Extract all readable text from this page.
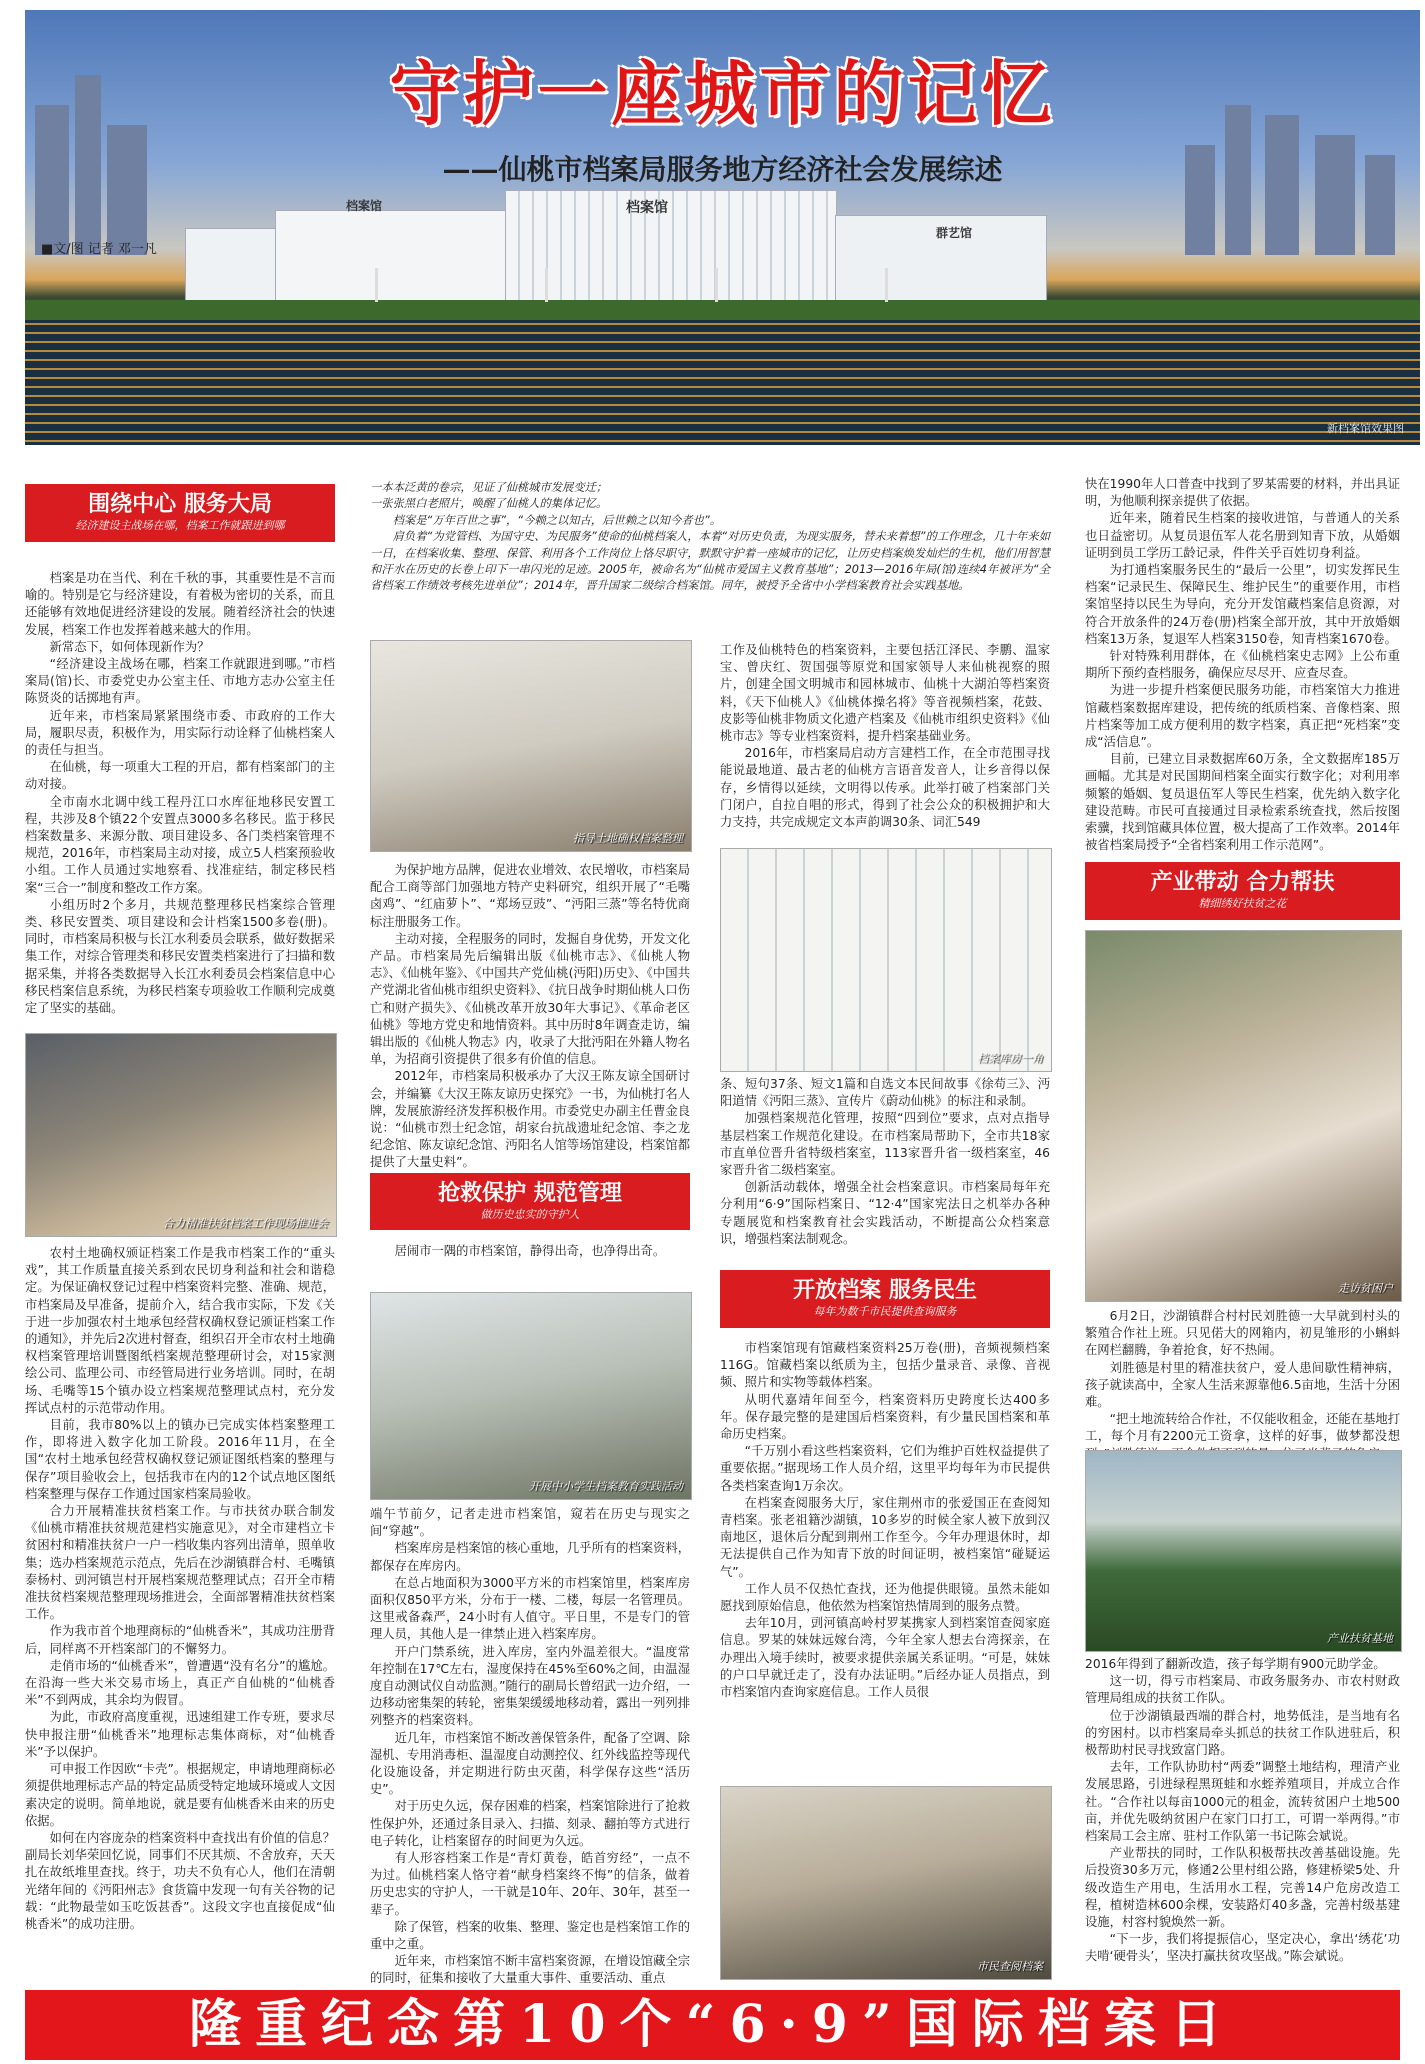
档案馆	档案馆
群艺馆
守护一座城市的记忆
——仙桃市档案局服务地方经济社会发展综述
■文/图 记者 邓一凡
新档案馆效果图
围绕中心 服务大局
经济建设主战场在哪，档案工作就跟进到哪
抢救保护 规范管理
做历史忠实的守护人
开放档案 服务民生
每年为数千市民提供查询服务
产业带动 合力帮扶
精细绣好扶贫之花

一本本泛黄的卷宗，见证了仙桃城市发展变迁；

一张张黑白老照片，唤醒了仙桃人的集体记忆。

档案是“万年百世之事”，“今赖之以知古，后世赖之以知今者也”。

肩负着“为党管档、为国守史、为民服务”使命的仙桃档案人，本着“对历史负责，为现实服务，替未来着想”的工作理念，几十年来如一日，在档案收集、整理、保管、利用各个工作岗位上恪尽职守，默默守护着一座城市的记忆，让历史档案焕发灿烂的生机，他们用智慧和汗水在历史的长卷上印下一串闪光的足迹。2005年，被命名为“仙桃市爱国主义教育基地”；2013—2016年局(馆)连续4年被评为“全省档案工作绩效考核先进单位”；2014年，晋升国家二级综合档案馆。同年，被授予全省中小学档案教育社会实践基地。

档案是功在当代、利在千秋的事，其重要性是不言而喻的。特别是它与经济建设，有着极为密切的关系，而且还能够有效地促进经济建设的发展。随着经济社会的快速发展，档案工作也发挥着越来越大的作用。

新常态下，如何体现新作为？

“经济建设主战场在哪，档案工作就跟进到哪。”市档案局(馆)长、市委党史办公室主任、市地方志办公室主任陈贤炎的话掷地有声。

近年来，市档案局紧紧围绕市委、市政府的工作大局，履职尽责，积极作为，用实际行动诠释了仙桃档案人的责任与担当。

在仙桃，每一项重大工程的开启，都有档案部门的主动对接。

全市南水北调中线工程丹江口水库征地移民安置工程，共涉及8个镇22个安置点3000多名移民。监于移民档案数量多、来源分散、项目建设多、各门类档案管理不规范，2016年，市档案局主动对接，成立5人档案预验收小组。工作人员通过实地察看、找准症结，制定移民档案“三合一”制度和整改工作方案。

小组历时2个多月，共规范整理移民档案综合管理类、移民安置类、项目建设和会计档案1500多卷(册)。同时，市档案局积极与长江水利委员会联系，做好数据采集工作，对综合管理类和移民安置类档案进行了扫描和数据采集，并将各类数据导入长江水利委员会档案信息中心移民档案信息系统，为移民档案专项验收工作顺利完成奠定了坚实的基础。

合力精准扶贫档案工作现场推进会

农村土地确权颁证档案工作是我市档案工作的“重头戏”，其工作质量直接关系到农民切身利益和社会和谐稳定。为保证确权登记过程中档案资料完整、准确、规范，市档案局及早准备，提前介入，结合我市实际，下发《关于进一步加强农村土地承包经营权确权登记颁证档案工作的通知》，并先后2次进村督查，组织召开全市农村土地确权档案管理培训暨图纸档案规范整理研讨会，对15家测绘公司、监理公司、市经管局进行业务培训。同时，在胡场、毛嘴等15个镇办设立档案规范整理试点村，充分发挥试点村的示范带动作用。

目前，我市80%以上的镇办已完成实体档案整理工作，即将进入数字化加工阶段。2016年11月，在全国“农村土地承包经营权确权登记颁证图纸档案的整理与保存”项目验收会上，包括我市在内的12个试点地区图纸档案整理与保存工作通过国家档案局验收。

合力开展精准扶贫档案工作。与市扶贫办联合制发《仙桃市精准扶贫规范建档实施意见》，对全市建档立卡贫困村和精准扶贫户一户一档收集内容列出清单，照单收集；选办档案规范示范点，先后在沙湖镇群合村、毛嘴镇泰杨村、剅河镇岂村开展档案规范整理试点；召开全市精准扶贫档案规范整理现场推进会，全面部署精准扶贫档案工作。

作为我市首个地理商标的“仙桃香米”，其成功注册背后，同样离不开档案部门的不懈努力。

走俏市场的“仙桃香米”，曾遭遇“没有名分”的尴尬。在沿海一些大米交易市场上，真正产自仙桃的“仙桃香米”不到两成，其余均为假冒。

为此，市政府高度重视，迅速组建工作专班，要求尽快申报注册“仙桃香米”地理标志集体商标，对“仙桃香米”予以保护。

可申报工作因欧“卡壳”。根据规定，申请地理商标必须提供地理标志产品的特定品质受特定地域环境或人文因素决定的说明。简单地说，就是要有仙桃香米由来的历史依据。

如何在内容庞杂的档案资料中查找出有价值的信息？副局长刘华荣回忆说，同事们不厌其烦、不舍放弃，天天扎在故纸堆里查找。终于，功夫不负有心人，他们在清朝光绪年间的《沔阳州志》食货篇中发现一句有关谷物的记载：“此物最莹如玉吃饭甚香”。这段文字也直接促成“仙桃香米”的成功注册。

指导土地确权档案整理

为保护地方品牌，促进农业增效、农民增收，市档案局配合工商等部门加强地方特产史料研究，组织开展了“毛嘴卤鸡”、“红庙萝卜”、“郑场豆豉”、“沔阳三蒸”等名特优商标注册服务工作。

主动对接，全程服务的同时，发掘自身优势，开发文化产品。市档案局先后编辑出版《仙桃市志》、《仙桃人物志》、《仙桃年鉴》、《中国共产党仙桃(沔阳)历史》、《中国共产党湖北省仙桃市组织史资料》、《抗日战争时期仙桃人口伤亡和财产损失》、《仙桃改革开放30年大事记》、《革命老区仙桃》等地方党史和地情资料。其中历时8年调查走访，编辑出版的《仙桃人物志》内，收录了大批沔阳在外籍人物名单，为招商引资提供了很多有价值的信息。

2012年，市档案局积极承办了大汉王陈友谅全国研讨会，并编纂《大汉王陈友谅历史探究》一书，为仙桃打名人牌，发展旅游经济发挥积极作用。市委党史办副主任曹金良说：“仙桃市烈士纪念馆，胡家台抗战遗址纪念馆、李之龙纪念馆、陈友谅纪念馆、沔阳名人馆等场馆建设，档案馆都提供了大量史料”。

居闹市一隅的市档案馆，静得出奇，也净得出奇。

开展中小学生档案教育实践活动

端午节前夕，记者走进市档案馆，窥若在历史与现实之间“穿越”。

档案库房是档案馆的核心重地，几乎所有的档案资料，都保存在库房内。

在总占地面积为3000平方米的市档案馆里，档案库房面积仅850平方米，分布于一楼、二楼，每层一名管理员。这里戒备森严，24小时有人值守。平日里，不是专门的管理人员，其他人是一律禁止进入档案库房。

开户门禁系统，进入库房，室内外温差很大。“温度常年控制在17℃左右，湿度保持在45%至60%之间，由温湿度自动测试仪自动监测。”随行的副局长曾绍武一边介绍，一边移动密集架的转轮，密集架缓缓地移动着，露出一列列排列整齐的档案资料。

近几年，市档案馆不断改善保管条件，配备了空调、除湿机、专用消毒柜、温湿度自动测控仪、红外线监控等现代化设施设备，并定期进行防虫灭菌，科学保存这些“活历史”。

对于历史久远，保存困难的档案，档案馆除进行了抢救性保护外，还通过条目录入、扫描、刻录、翻拍等方式进行电子转化，让档案留存的时间更为久远。

有人形容档案工作是“青灯黄卷，皓首穷经”，一点不为过。仙桃档案人恪守着“献身档案终不悔”的信条，做着历史忠实的守护人，一干就是10年、20年、30年，甚至一辈子。

除了保管，档案的收集、整理、鉴定也是档案馆工作的重中之重。

近年来，市档案馆不断丰富档案资源，在增设馆藏全宗的同时，征集和接收了大量重大事件、重要活动、重点

工作及仙桃特色的档案资料，主要包括江泽民、李鹏、温家宝、曾庆红、贺国强等原党和国家领导人来仙桃视察的照片，创建全国文明城市和园林城市、仙桃十大湖泊等档案资料，《天下仙桃人》《仙桃体操名将》等音视频档案，花鼓、皮影等仙桃非物质文化遗产档案及《仙桃市组织史资料》《仙桃市志》等专业档案资料，提升档案基础业务。

2016年，市档案局启动方言建档工作，在全市范围寻找能说最地道、最古老的仙桃方言语音发音人，让乡音得以保存，乡情得以延续，文明得以传承。此举打破了档案部门关门闭户，自拉自唱的形式，得到了社会公众的积极拥护和大力支持，共完成规定文本声韵调30条、词汇549

档案库房一角

条、短句37条、短文1篇和自选文本民间故事《徐苟三》、沔阳道情《沔阳三蒸》、宣传片《蔚动仙桃》的标注和录制。

加强档案规范化管理，按照“四到位”要求，点对点指导基层档案工作规范化建设。在市档案局帮助下，全市共18家市直单位晋升省特级档案室，113家晋升省一级档案室，46家晋升省二级档案室。

创新活动载体，增强全社会档案意识。市档案局每年充分利用“6·9”国际档案日、“12·4”国家宪法日之机举办各种专题展览和档案教育社会实践活动，不断提高公众档案意识，增强档案法制观念。

市档案馆现有馆藏档案资料25万卷(册)，音频视频档案116G。馆藏档案以纸质为主，包括少量录音、录像、音视频、照片和实物等载体档案。

从明代嘉靖年间至今，档案资料历史跨度长达400多年。保存最完整的是建国后档案资料，有少量民国档案和革命历史档案。

“千万别小看这些档案资料，它们为维护百姓权益提供了重要依据。”据现场工作人员介绍，这里平均每年为市民提供各类档案查询1万余次。

在档案查阅服务大厅，家住荆州市的张爱国正在查阅知青档案。张老祖籍沙湖镇，10多岁的时候全家人被下放到汉南地区，退休后分配到荆州工作至今。今年办理退休时，却无法提供自己作为知青下放的时间证明，被档案馆“碰疑运气”。

工作人员不仅热忙查找，还为他提供眼镜。虽然未能如愿找到原始信息，他依然为档案馆热情周到的服务点赞。

去年10月，剅河镇高岭村罗某携家人到档案馆查阅家庭信息。罗某的妹妹远嫁台湾，今年全家人想去台湾探亲，在办理出入境手续时，被要求提供亲属关系证明。“可是，妹妹的户口早就迁走了，没有办法证明。”后经办证人员指点，到市档案馆内查询家庭信息。工作人员很

市民查阅档案

快在1990年人口普查中找到了罗某需要的材料，并出具证明，为他顺利探亲提供了依据。

近年来，随着民生档案的接收进馆，与普通人的关系也日益密切。从复员退伍军人花名册到知青下放，从婚姻证明到员工学历工龄记录，件件关乎百姓切身利益。

为打通档案服务民生的“最后一公里”，切实发挥民生档案“记录民生、保障民生、维护民生”的重要作用，市档案馆坚持以民生为导向，充分开发馆藏档案信息资源，对符合开放条件的24万卷(册)档案全部开放，其中开放婚姻档案13万条，复退军人档案3150卷，知青档案1670卷。

针对特殊利用群体，在《仙桃档案史志网》上公布重期所下预约查档服务，确保应尽尽开、应查尽查。

为进一步提升档案便民服务功能，市档案馆大力推进馆藏档案数据库建设，把传统的纸质档案、音像档案、照片档案等加工成方便利用的数字档案，真正把“死档案”变成“活信息”。

目前，已建立目录数据库60万条，全文数据库185万画幅。尤其是对民国期间档案全面实行数字化；对利用率频繁的婚姻、复员退伍军人等民生档案，优先纳入数字化建设范畴。市民可直接通过目录检索系统查找，然后按图索骥，找到馆藏具体位置，极大提高了工作效率。2014年被省档案局授予“全省档案利用工作示范网”。

走访贫困户

6月2日，沙湖镇群合村村民刘胜德一大早就到村头的繁殖合作社上班。只见偌大的网箱内，初見雏形的小蝌蚪在网栏翻腾，争着抢食，好不热闹。

刘胜德是村里的精准扶贫户，爱人患间歇性精神病，孩子就读高中，全家人生活来源靠他6.5亩地，生活十分困难。

“把土地流转给合作社，不仅能收租金，还能在基地打工，每个月有2200元工资拿，这样的好事，做梦都没想

产业扶贫基地

2016年得到了翻新改造，孩子每学期有900元助学金。

这一切，得亏市档案局、市政务服务办、市农村财政管理局组成的扶贫工作队。

位于沙湖镇最西端的群合村，地势低洼，是当地有名的穷困村。以市档案局牵头抓总的扶贫工作队进驻后，积极帮助村民寻找致富门路。

去年，工作队协助村“两委”调整土地结构，理清产业发展思路，引进绿程黑斑蛙和水蛭养殖项目，并成立合作社。“合作社以每亩1000元的租金，流转贫困户土地500亩，并优先吸纳贫困户在家门口打工，可谓一举两得。”市档案局工会主席、驻村工作队第一书记陈会斌说。

产业帮扶的同时，工作队积极帮扶改善基础设施。先后投资30多万元，修通2公里村组公路，修建桥梁5处、升级改造生产用电，生活用水工程，完善14户危房改造工程，植树造林600余棵，安装路灯40多盏，完善村级基建设施，村容村貌焕然一新。

“下一步，我们将提振信心，坚定决心，拿出‘绣花’功夫啃‘硬骨头’，坚决打赢扶贫攻坚战。”陈会斌说。

隆重纪念第10个“6·9”国际档案日
